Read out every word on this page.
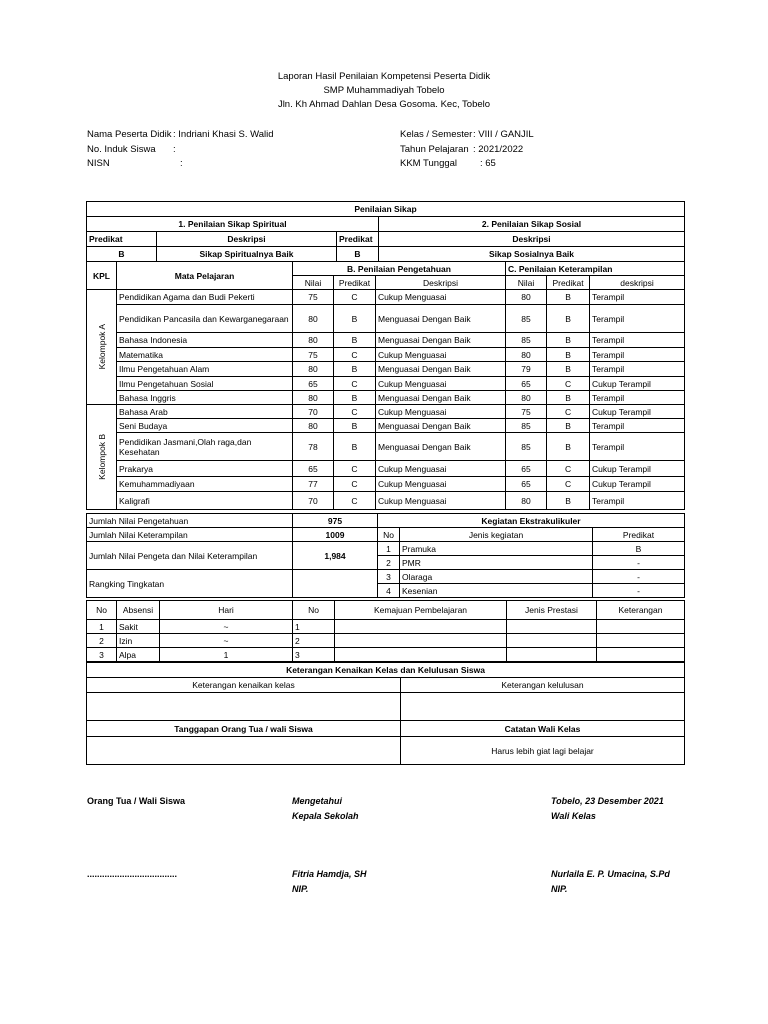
Laporan Hasil Penilaian Kompetensi Peserta Didik
SMP Muhammadiyah Tobelo
Jln. Kh Ahmad Dahlan Desa Gosoma. Kec, Tobelo
Nama Peserta Didik : Indriani Khasi S. Walid
No. Induk Siswa :
NISN	:
Kelas / Semester: VIII / GANJIL
Tahun Pelajaran : 2021/2022
KKM Tunggal : 65
Penilaian Sikap			
1. Penilaian Sikap Spiritual			2. Penilaian Sikap Sosial
Predikat	Deskripsi	Predikat	Deskripsi
B	Sikap Spiritualnya Baik	B	Sikap Sosialnya Baik
KPL	Mata Pelajaran	B. Penilaian Pengetahuan			C. Penilaian Keterampilan		
		Nilai	Predikat	Deskripsi	Nilai	Predikat	deskripsi

Kelompok A	Pendidikan Agama dan Budi Pekerti	75	C	Cukup Menguasai	80	B	Terampil
	Pendidikan Pancasila dan Kewarganegaraan	80	B	Menguasai Dengan Baik	85	B	Terampil
	Bahasa Indonesia	80	B	Menguasai Dengan Baik	85	B	Terampil
	Matematika	75	C	Cukup Menguasai	80	B	Terampil
	Ilmu Pengetahuan Alam	80	B	Menguasai Dengan Baik	79	B	Terampil
	Ilmu Pengetahuan Sosial	65	C	Cukup Menguasai	65	C	Cukup Terampil
	Bahasa Inggris	80	B	Menguasai Dengan Baik	80	B	Terampil

Kelompok B	Bahasa Arab	70	C	Cukup Menguasai	75	C	Cukup Terampil
	Seni Budaya	80	B	Menguasai Dengan Baik	85	B	Terampil
	Pendidikan Jasmani,Olah raga,dan Kesehatan	78	B	Menguasai Dengan Baik	85	B	Terampil
	Prakarya	65	C	Cukup Menguasai	65	C	Cukup Terampil
	Kemuhammadiyaan	77	C	Cukup Menguasai	65	C	Cukup Terampil
	Kaligrafi	70	C	Cukup Menguasai	80	B	Terampil
Jumlah Nilai Pengetahuan	975	Kegiatan Ekstrakulikuler		
Jumlah Nilai Keterampilan	1009	No	Jenis kegiatan	Predikat
Jumlah Nilai Pengeta dan Nilai Keterampilan	1,984	1	Pramuka	B
		2	PMR	-
Rangking Tingkatan		3	Olaraga	-
		4	Kesenian	-
No	Absensi	Hari	No	Kemajuan Pembelajaran	Jenis Prestasi	Keterangan
1	Sakit	~	1			
2	Izin	~	2			
3	Alpa	1	3			
Keterangan Kenaikan Kelas dan Kelulusan Siswa	
Keterangan kenaikan kelas	Keterangan kelulusan

Tanggapan Orang Tua / wali Siswa	Catatan Wali Kelas
	Harus lebih giat lagi belajar
Orang Tua / Wali Siswa
....................................
Mengetahui
Kepala Sekolah
Fitria Hamdja, SH
NIP.
Tobelo, 23 Desember 2021
Wali Kelas
Nurlaila E. P. Umacina, S.Pd
NIP.
